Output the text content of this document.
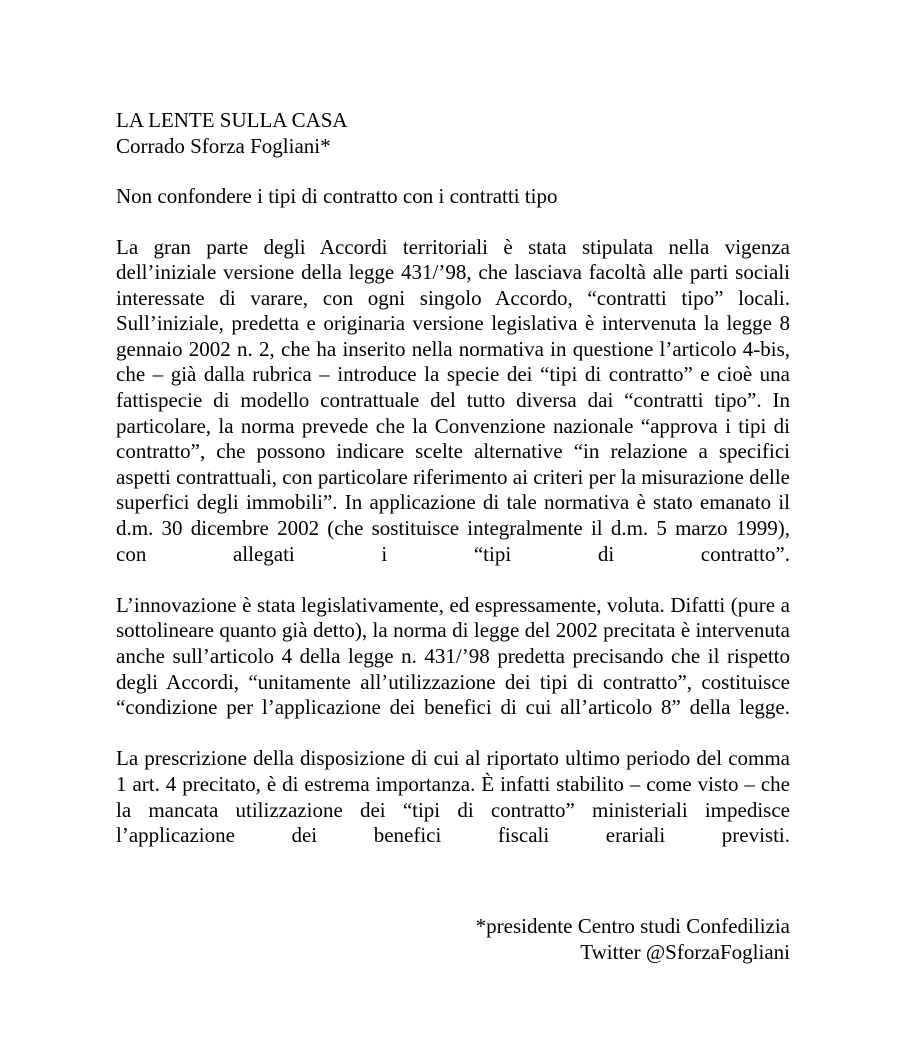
LA LENTE SULLA CASA
Corrado Sforza Fogliani*
Non confondere i tipi di contratto con i contratti tipo

La gran parte degli Accordi territoriali è stata stipulata nella vigenza dell’iniziale versione della legge 431/’98, che lasciava facoltà alle parti sociali interessate di varare, con ogni singolo Accordo, “contratti tipo” locali. Sull’iniziale, predetta e originaria versione legislativa è intervenuta la legge 8 gennaio 2002 n. 2, che ha inserito nella normativa in questione l’articolo 4-bis, che – già dalla rubrica – introduce la specie dei “tipi di contratto” e cioè una fattispecie di modello contrattuale del tutto diversa dai “contratti tipo”. In particolare, la norma prevede che la Convenzione nazionale “approva i tipi di contratto”, che possono indicare scelte alternative “in relazione a specifici aspetti contrattuali, con particolare riferimento ai criteri per la misurazione delle superfici degli immobili”. In applicazione di tale normativa è stato emanato il d.m. 30 dicembre 2002 (che sostituisce integralmente il d.m. 5 marzo 1999), con allegati i “tipi di contratto”.

L’innovazione è stata legislativamente, ed espressamente, voluta. Difatti (pure a sottolineare quanto già detto), la norma di legge del 2002 precitata è intervenuta anche sull’articolo 4 della legge n. 431/’98 predetta precisando che il rispetto degli Accordi, “unitamente all’utilizzazione dei tipi di contratto”, costituisce “condizione per l’applicazione dei benefici di cui all’articolo 8” della legge.

La prescrizione della disposizione di cui al riportato ultimo periodo del comma 1 art. 4 precitato, è di estrema importanza. È infatti stabilito – come visto – che la mancata utilizzazione dei “tipi di contratto” ministeriali impedisce l’applicazione dei benefici fiscali erariali previsti.

*presidente Centro studi Confedilizia
Twitter @SforzaFogliani
